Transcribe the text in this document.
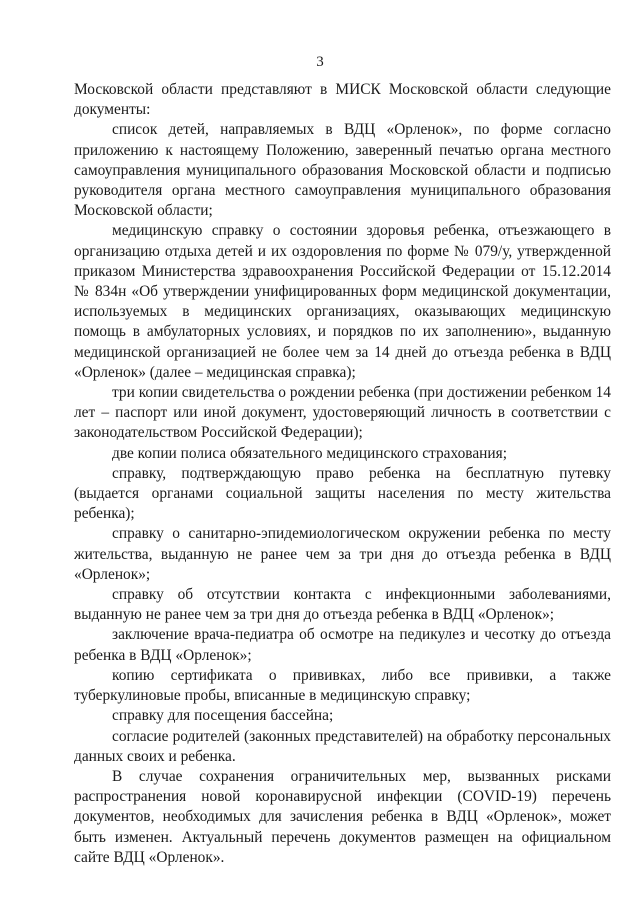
3

Московской области представляют в МИСК Московской области следующие документы:

список детей, направляемых в ВДЦ «Орленок», по форме согласно приложению к настоящему Положению, заверенный печатью органа местного самоуправления муниципального образования Московской области и подписью руководителя органа местного самоуправления муниципального образования Московской области;

медицинскую справку о состоянии здоровья ребенка, отъезжающего в организацию отдыха детей и их оздоровления по форме № 079/у, утвержденной приказом Министерства здравоохранения Российской Федерации от 15.12.2014 № 834н «Об утверждении унифицированных форм медицинской документации, используемых в медицинских организациях, оказывающих медицинскую помощь в амбулаторных условиях, и порядков по их заполнению», выданную медицинской организацией не более чем за 14 дней до отъезда ребенка в ВДЦ «Орленок» (далее – медицинская справка);

три копии свидетельства о рождении ребенка (при достижении ребенком 14 лет – паспорт или иной документ, удостоверяющий личность в соответствии с законодательством Российской Федерации);

две копии полиса обязательного медицинского страхования;

справку, подтверждающую право ребенка на бесплатную путевку (выдается органами социальной защиты населения по месту жительства ребенка);

справку о санитарно-эпидемиологическом окружении ребенка по месту жительства, выданную не ранее чем за три дня до отъезда ребенка в ВДЦ «Орленок»;

справку об отсутствии контакта с инфекционными заболеваниями, выданную не ранее чем за три дня до отъезда ребенка в ВДЦ «Орленок»;

заключение врача-педиатра об осмотре на педикулез и чесотку до отъезда ребенка в ВДЦ «Орленок»;

копию сертификата о прививках, либо все прививки, а также туберкулиновые пробы, вписанные в медицинскую справку;

справку для посещения бассейна;

согласие родителей (законных представителей) на обработку персональных данных своих и ребенка.

В случае сохранения ограничительных мер, вызванных рисками распространения новой коронавирусной инфекции (COVID-19) перечень документов, необходимых для зачисления ребенка в ВДЦ «Орленок», может быть изменен. Актуальный перечень документов размещен на официальном сайте ВДЦ «Орленок».
